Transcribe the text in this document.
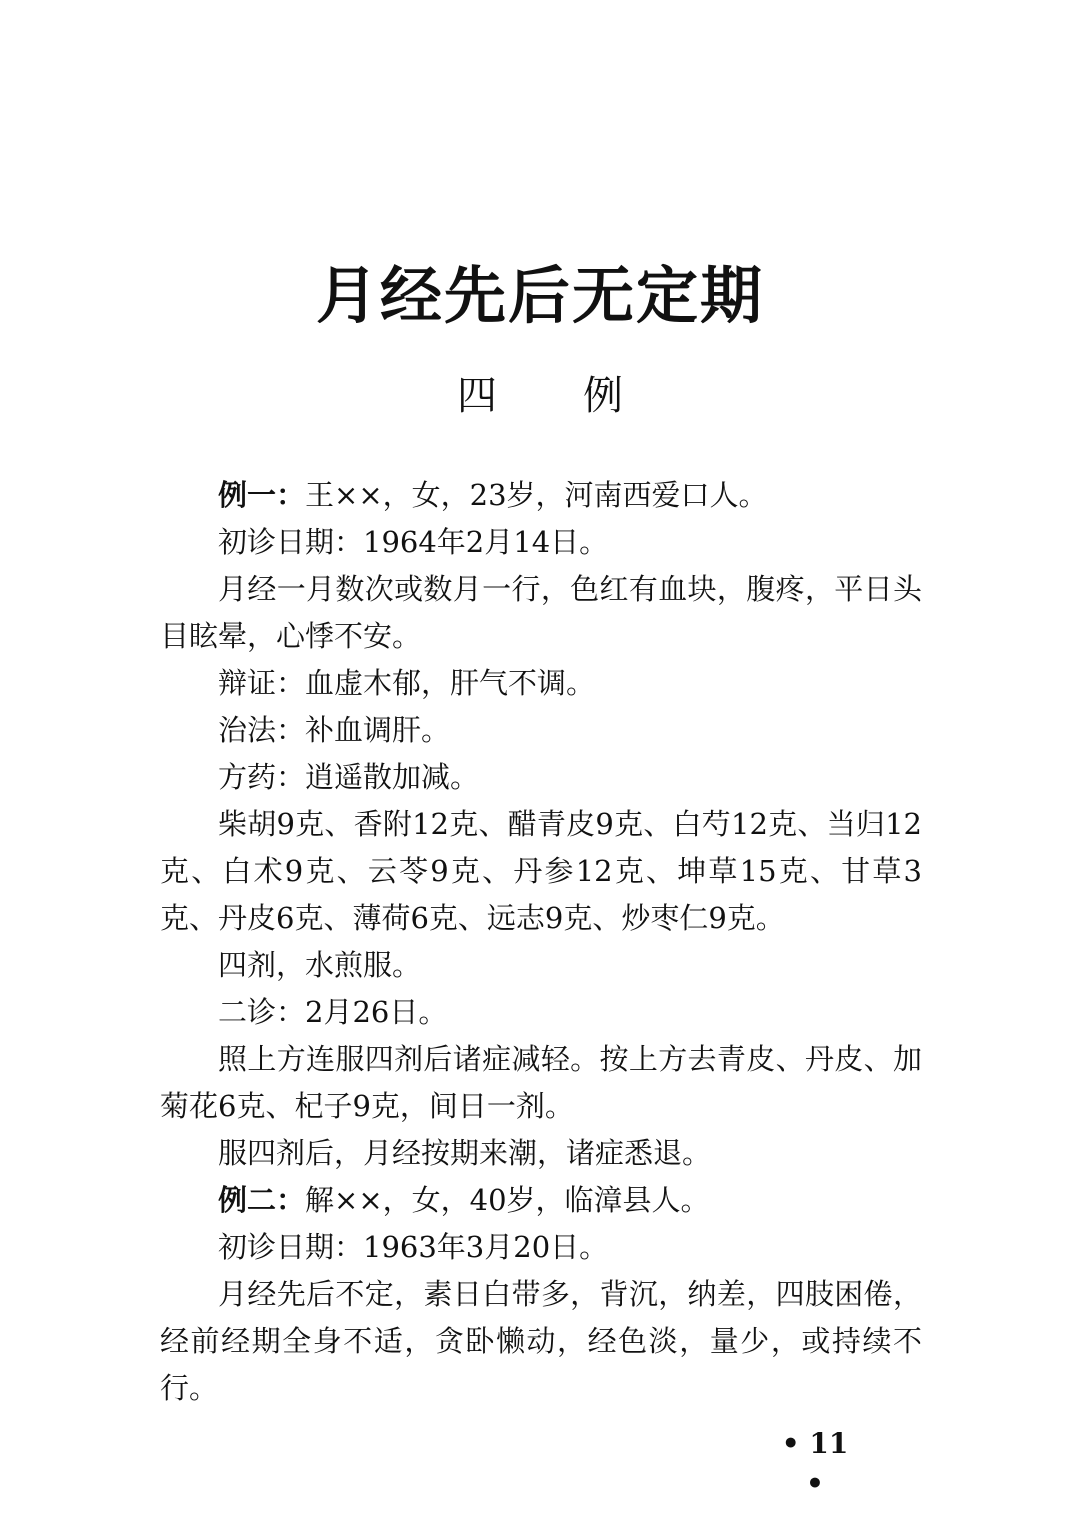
月经先后无定期
四 例

例一：王××，女，23岁，河南西爱口人。

初诊日期：1964年2月14日。

月经一月数次或数月一行，色红有血块，腹疼，平日头目眩晕，心悸不安。

辩证：血虚木郁，肝气不调。

治法：补血调肝。

方药：逍遥散加减。

柴胡9克、香附12克、醋青皮9克、白芍12克、当归12克、白术9克、云苓9克、丹参12克、坤草15克、甘草3克、丹皮6克、薄荷6克、远志9克、炒枣仁9克。

四剂，水煎服。

二诊：2月26日。

照上方连服四剂后诸症减轻。按上方去青皮、丹皮、加菊花6克、杞子9克，间日一剂。

服四剂后，月经按期来潮，诸症悉退。

例二：解××，女，40岁，临漳县人。

初诊日期：1963年3月20日。

月经先后不定，素日白带多，背沉，纳差，四肢困倦，经前经期全身不适，贪卧懒动，经色淡，量少，或持续不行。

• 11 •
